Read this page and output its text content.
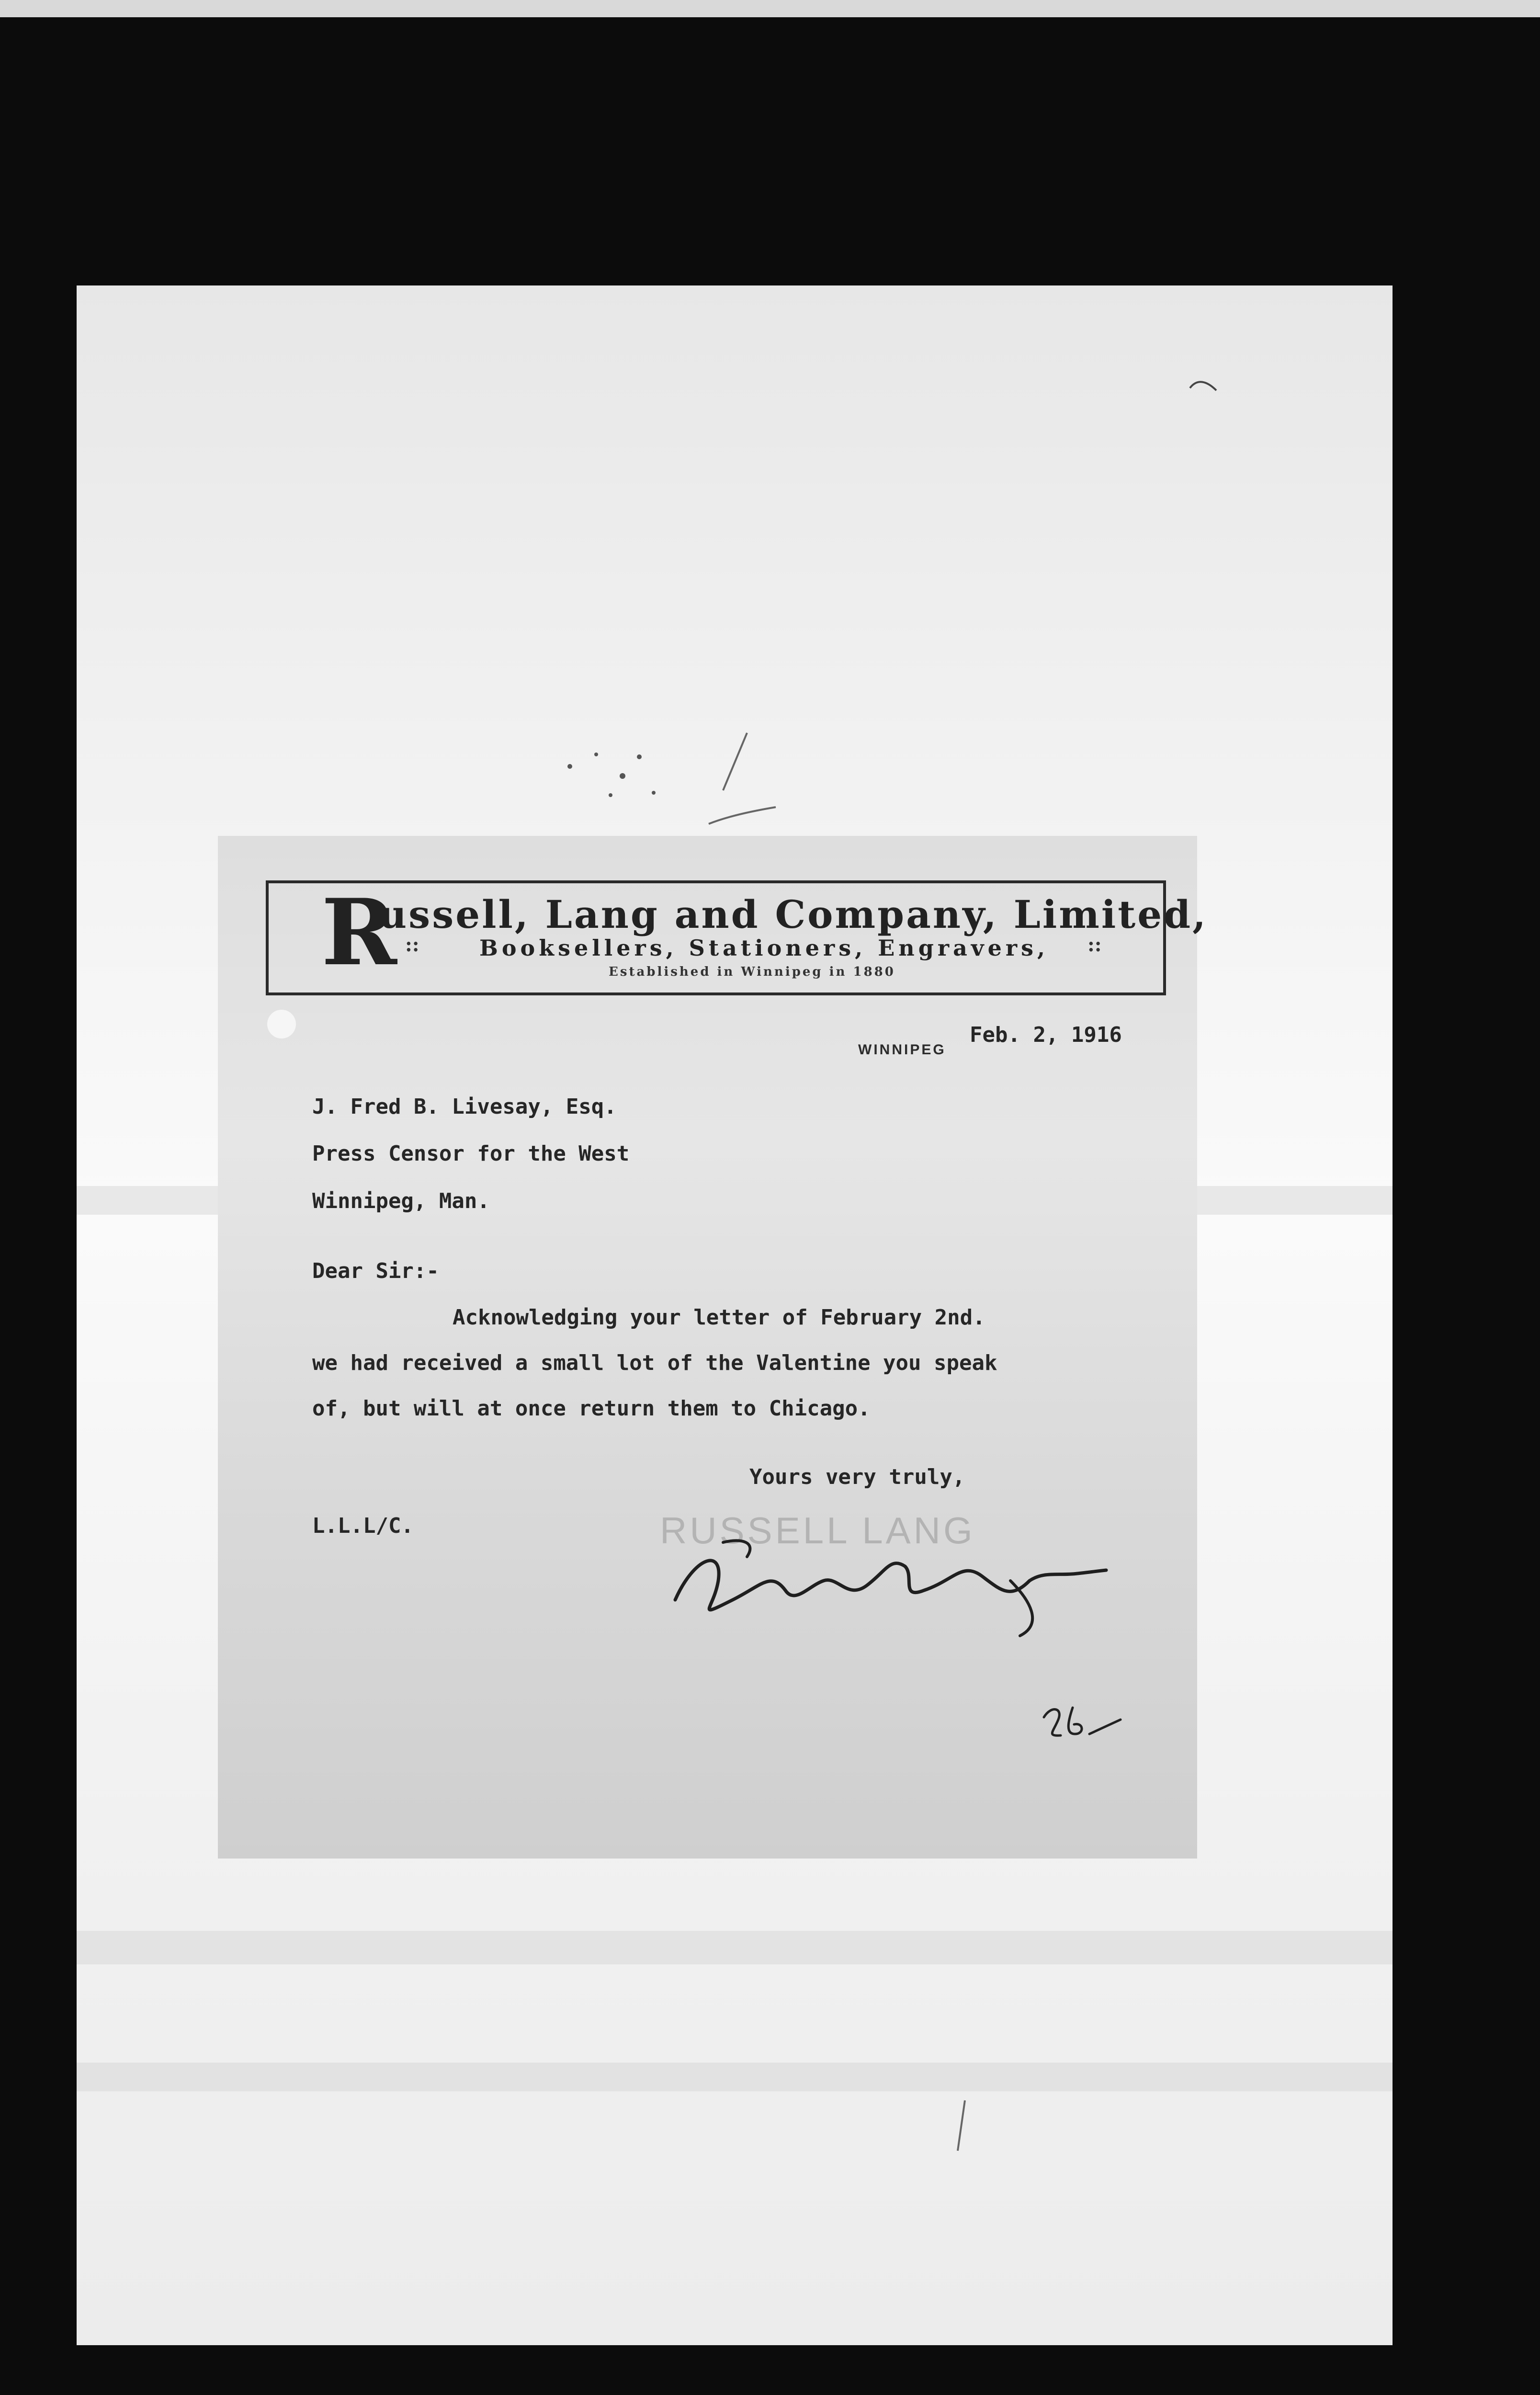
R
ussell, Lang and Company, Limited,
::	Booksellers, Stationers, Engravers, ::
Established in Winnipeg in 1880
WINNIPEG
Feb. 2, 1916
J. Fred B. Livesay, Esq.
Press Censor for the West
Winnipeg, Man.
Dear Sir:-
Acknowledging your letter of February 2nd.
we had received a small lot of the Valentine you speak
of, but will at once return them to Chicago.
Yours very truly,
L.L.L/C.	RUSSELL LANG
